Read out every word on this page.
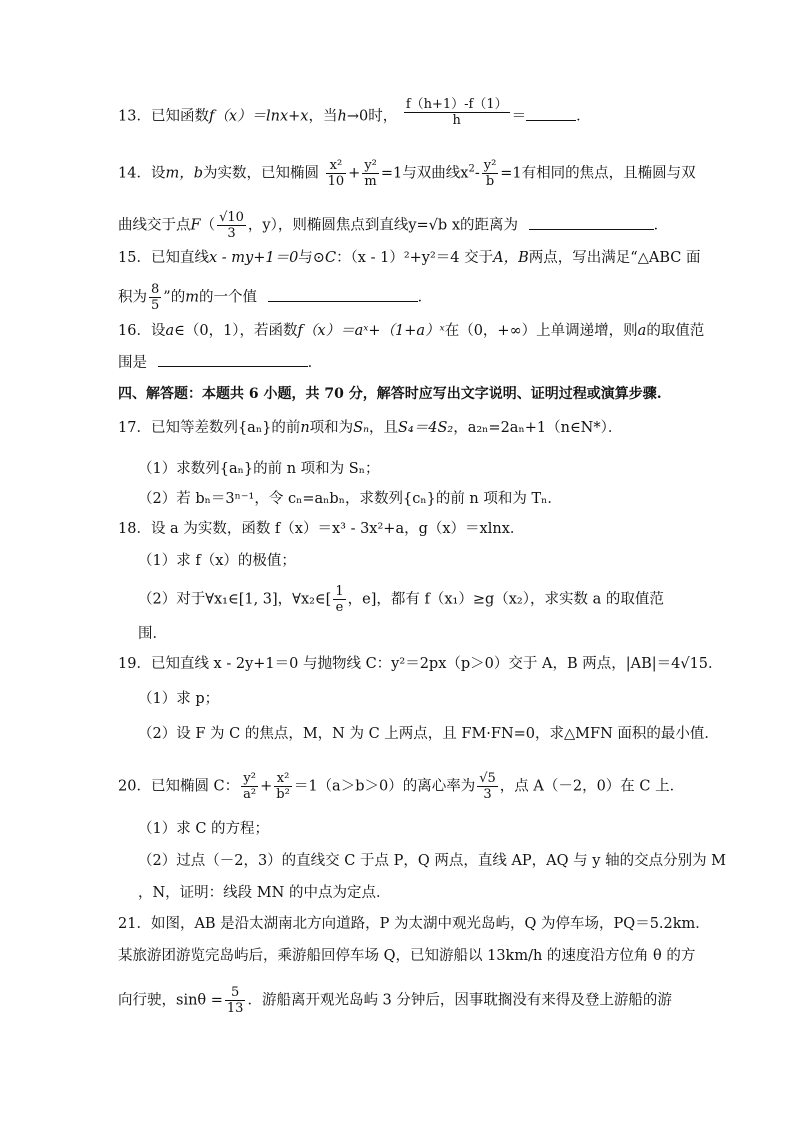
13．已知函数f（x）＝lnx+x，当h→0时， $\frac{f(h+1)-f(1)}{h}$ ＝	．
14．设m，b为实数，已知椭圆 $\frac{\text{x²}}{10} + \frac{\text{y²}}{m} =1$与双曲线$x^2- \frac{\text{y²}}{b} =1$有相同的焦点，且椭圆与双
曲线交于点$F( \frac{√10}{3}$ ，y），则椭圆焦点到直线y=√b x的距离为	．
15．已知直线x - my+1＝0与⊙C：（x - 1）²+y²＝4 交于A，B两点，写出满足“△ABC 面
积为 $\frac{8}{5}$ ”的m的一个值	．
16．设a∈（0，1），若函数f（x）＝aˣ+（1+a）ˣ在（0，+∞）上单调递增，则a的取值范
围是	．
四、解答题：本题共 6 小题，共 70 分，解答时应写出文字说明、证明过程或演算步骤.
17．已知等差数列{aₙ}的前n项和为Sₙ，且S₄＝4S₂，a₂ₙ=2aₙ+1（n∈N*）．
（1）求数列{aₙ}的前 n 项和为 Sₙ；
（2）若 bₙ＝3ⁿ⁻¹，令 cₙ=aₙbₙ，求数列{cₙ}的前 n 项和为 Tₙ．
18．设 a 为实数，函数 f（x）＝x³ - 3x²+a，g（x）＝xlnx．
（1）求 f（x）的极值；
（2）对于∀x₁∈[1, 3]，∀x₂∈[ $\frac{1}{e}$ ，e]，都有 f（x₁）≥g（x₂），求实数 a 的取值范
围．
19．已知直线 x - 2y+1＝0 与抛物线 C：y²＝2px（p＞0）交于 A，B 两点，|AB|＝4√15．
（1）求 p；
（2）设 F 为 C 的焦点，M，N 为 C 上两点，且 FM·FN=0，求△MFN 面积的最小值．
20．已知椭圆 C： $\frac{\text{y²}}{\text{a²}} + \frac{\text{x²}}{\text{b²}} =1(a>b>0)$的离心率为 $\frac{√5}{3}$ ，点 A（－2，0）在 C 上．
（1）求 C 的方程；
（2）过点（－2，3）的直线交 C 于点 P，Q 两点，直线 AP，AQ 与 y 轴的交点分别为 M
，N，证明：线段 MN 的中点为定点．
21．如图，AB 是沿太湖南北方向道路，P 为太湖中观光岛屿，Q 为停车场，PQ＝5.2km．
某旅游团游览完岛屿后，乘游船回停车场 Q，已知游船以 13km/h 的速度沿方位角 θ 的方
向行驶，$\sin\theta = \frac{5}{13}$ ．游船离开观光岛屿 3 分钟后，因事耽搁没有来得及登上游船的游
